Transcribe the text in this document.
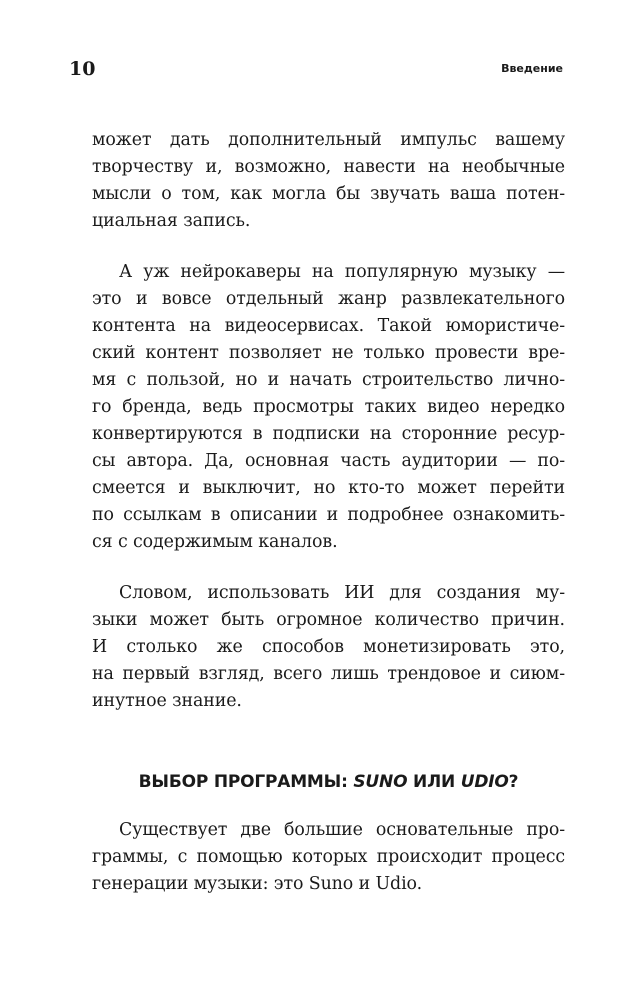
10	Введение

может дать дополнительный импульс вашему
творчеству и, возможно, навести на необычные
мысли о том, как могла бы звучать ваша потен-
циальная запись.

А уж нейрокаверы на популярную музыку —
это и вовсе отдельный жанр развлекательного
контента на видеосервисах. Такой юмористиче-
ский контент позволяет не только провести вре-
мя с пользой, но и начать строительство лично-
го бренда, ведь просмотры таких видео нередко
конвертируются в подписки на сторонние ресур-
сы автора. Да, основная часть аудитории — по-
смеется и выключит, но кто-то может перейти
по ссылкам в описании и подробнее ознакомить-
ся с содержимым каналов.

Словом, использовать ИИ для создания му-
зыки может быть огромное количество причин.
И столько же способов монетизировать это,
на первый взгляд, всего лишь трендовое и сиюм-
инутное знание.

ВЫБОР ПРОГРАММЫ: SUNO ИЛИ UDIO?

Существует две большие основательные про-
граммы, с помощью которых происходит процесс
генерации музыки: это Suno и Udio.
